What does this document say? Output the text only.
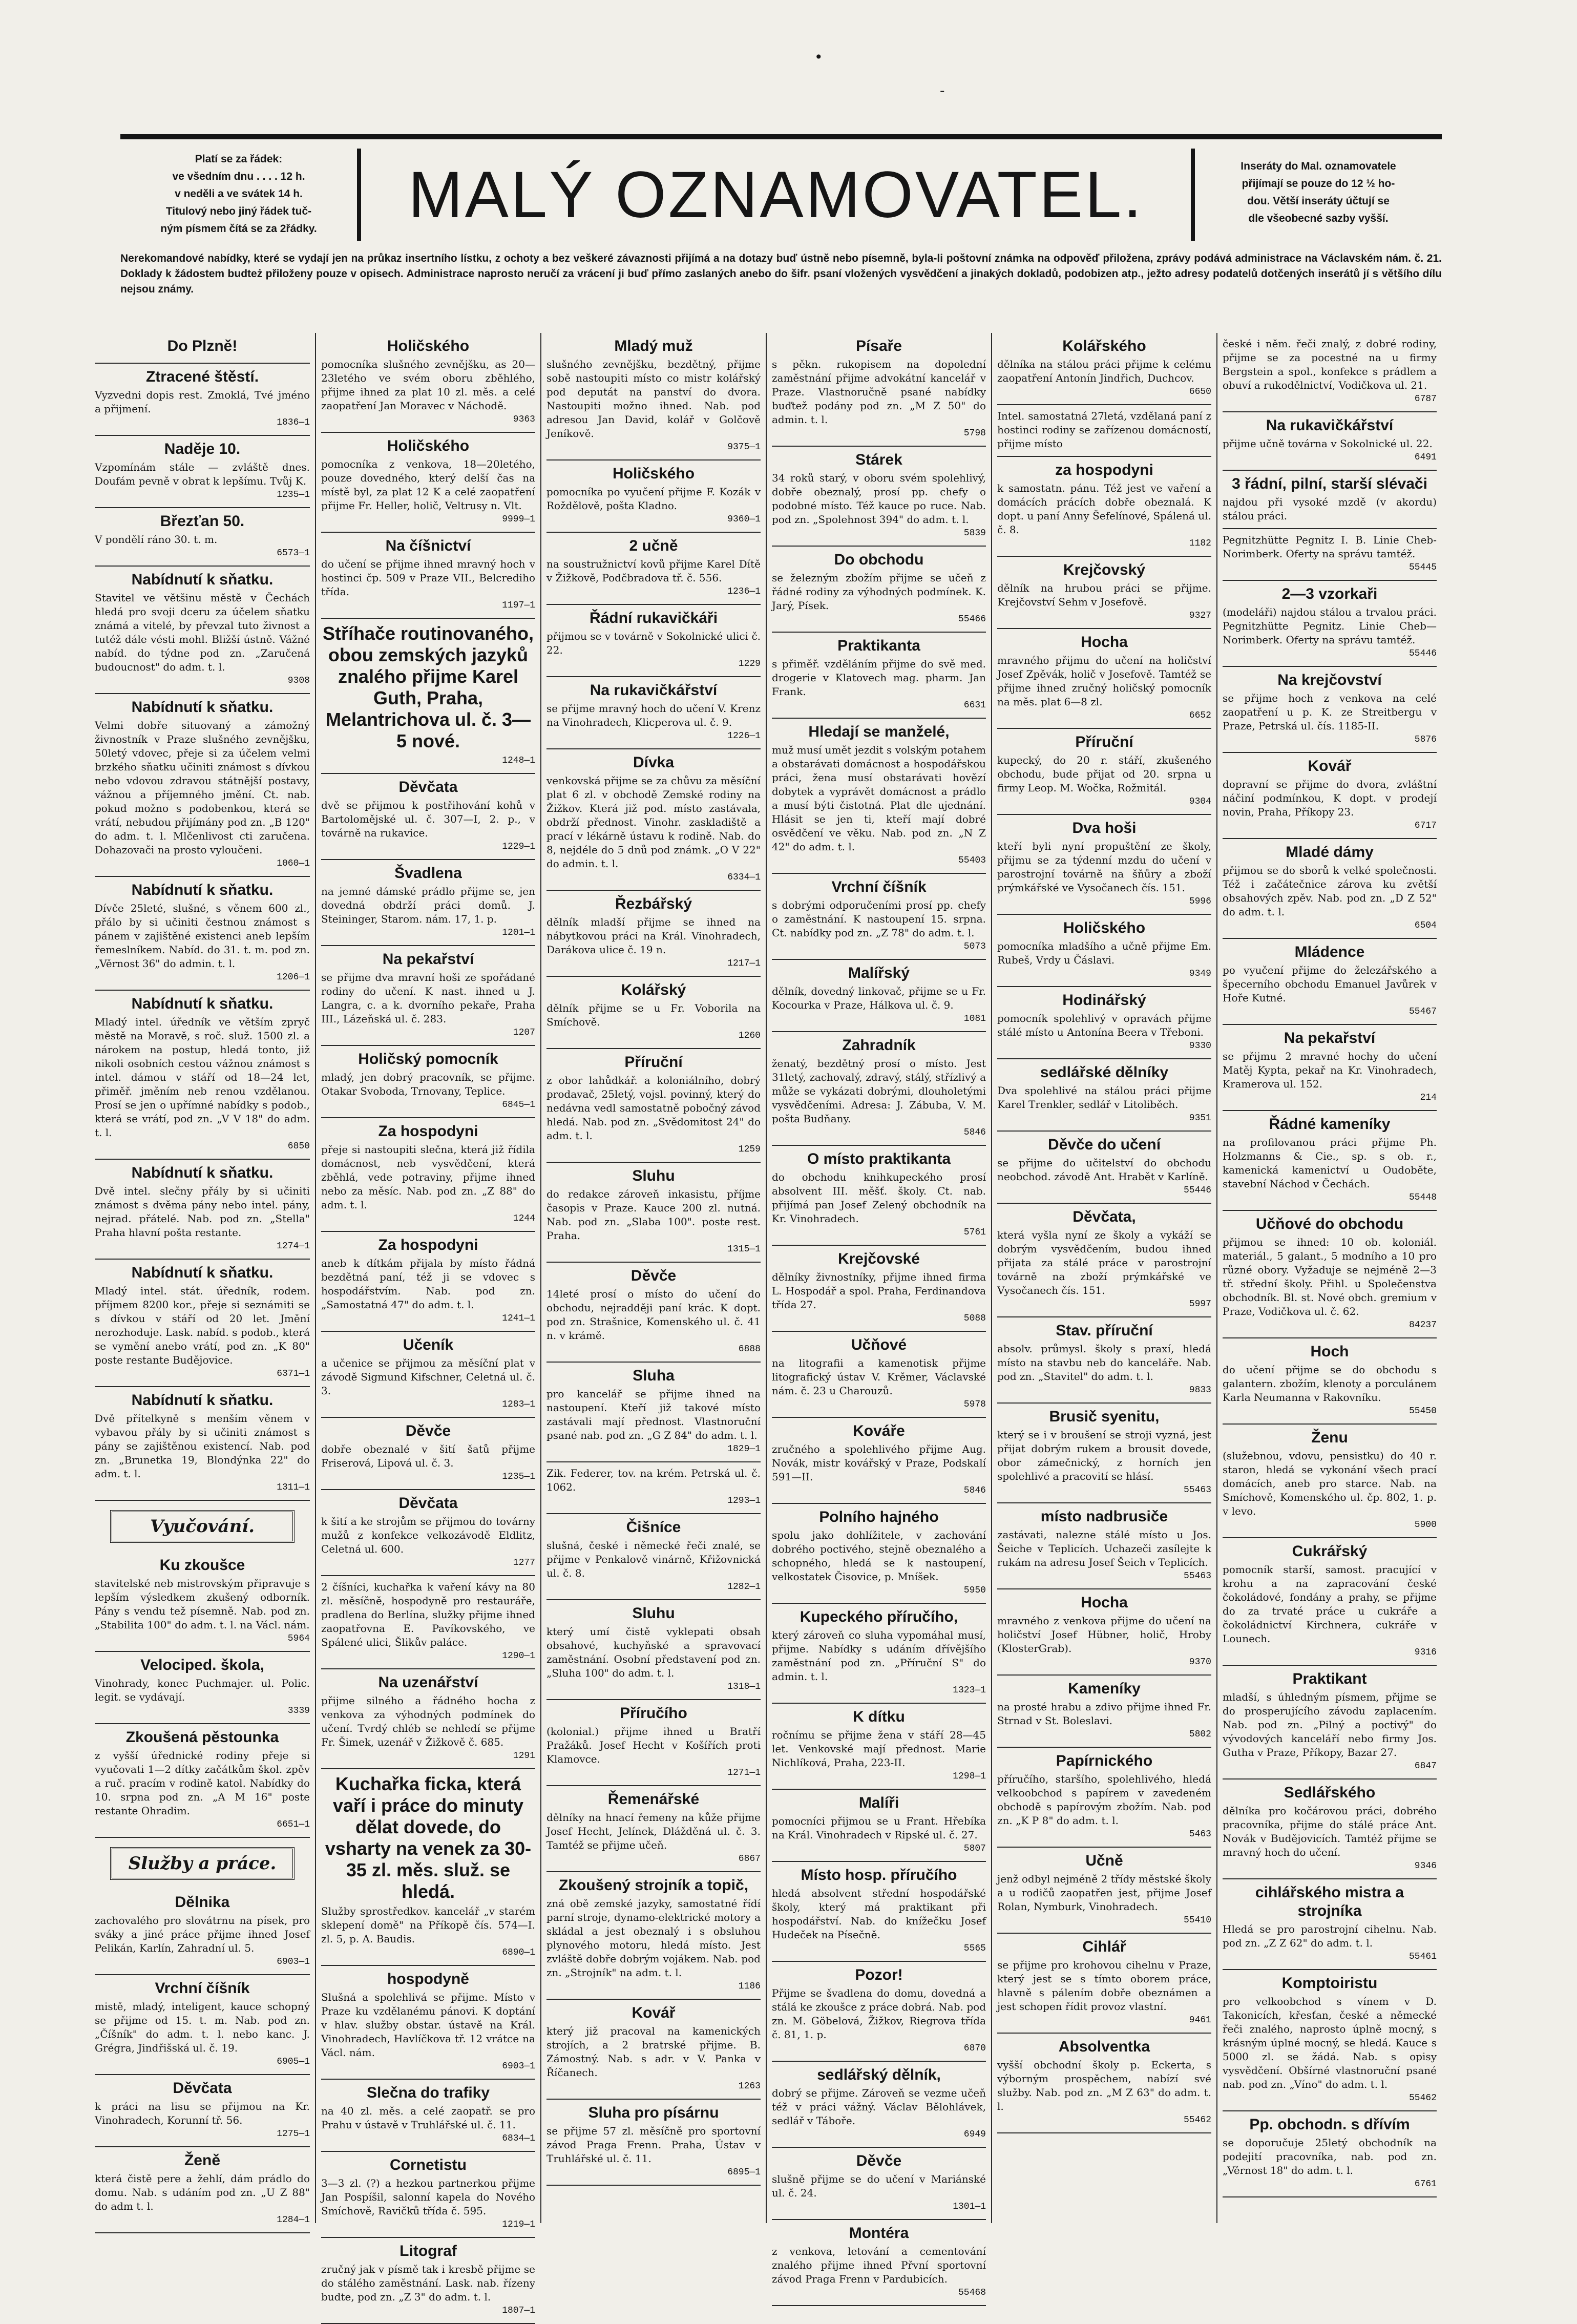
•
-
Platí se za řádek:
ve všedním dnu . . . . 12 h.
v neděli a ve svátek 14 h.
Titulový nebo jiný řádek tuč-
ným písmem čítá se za 2řádky.	MALÝ OZNAMOVATEL.	Inseráty do Mal. oznamovatele
přijímají se pouze do 12 ½ ho-
dou. Větší inseráty účtují se
dle všeobecné sazby vyšší.
Nerekomandové nabídky, které se vydají jen na průkaz insertního lístku, z ochoty a bez veškeré závaznosti přijímá a na dotazy buď ústně nebo písemně, byla-li poštovní známka na odpověď přiložena, zprávy podává administrace na Václavském nám. č. 21. Doklady k žádostem budteż přiloženy pouze v opisech. Administrace naprosto neručí za vrácení ji buď přímo zaslaných anebo do šifr. psaní vložených vysvědčení a jinakých dokladů, podobizen atp., ježto adresy podatelů dotčených inserátů jí s většího dílu nejsou známy.
Do Plzně!
Ztracené štěstí.
Vyzvedni dopis rest. Zmoklá, Tvé jméno a přijmení.
1836—1
Naděje 10.
Vzpomínám stále — zvláště dnes. Doufám pevně v obrat k lepšímu. Tvůj K.
1235—1
Březťan 50.
V pondělí ráno 30. t. m.
6573—1
Nabídnutí k sňatku.
Stavitel ve většinu městě v Čechách hledá pro svoji dceru za účelem sňatku známá a vitelé, by převzal tuto živnost a tutéž dále vésti mohl. Bližší ústně. Vážné nabíd. do týdne pod zn. „Zaručená budoucnost" do adm. t. l.
9308
Nabídnutí k sňatku.
Velmi dobře situovaný a zámožný živnostník v Praze slušného zevnějšku, 50letý vdovec, přeje si za účelem velmi brzkého sňatku učiniti známost s dívkou nebo vdovou zdravou státnější postavy, vážnou a příjemného jmění. Ct. nab. pokud možno s podobenkou, která se vrátí, nebudou přijímány pod zn. „B 120" do adm. t. l. Mlčenlivost cti zaručena. Dohazovači na prosto vyloučeni.
1060—1
Nabídnutí k sňatku.
Dívče 25leté, slušné, s věnem 600 zl., přálo by si učiniti čestnou známost s pánem v zajištěné existenci aneb lepším řemeslníkem. Nabíd. do 31. t. m. pod zn. „Věrnost 36" do admin. t. l.
1206—1
Nabídnutí k sňatku.
Mladý intel. úředník ve větším zpryč městě na Moravě, s roč. služ. 1500 zl. a nárokem na postup, hledá tonto, již nikoli osobních cestou vážnou známost s intel. dámou v stáří od 18—24 let, přiměř. jměním neb renou vzdělanou. Prosí se jen o upřímné nabídky s podob., která se vrátí, pod zn. „V V 18" do adm. t. l.
6850
Nabídnutí k sňatku.
Dvě intel. slečny přály by si učiniti známost s dvěma pány nebo intel. pány, nejrad. přátelé. Nab. pod zn. „Stella" Praha hlavní pošta restante.
1274—1
Nabídnutí k sňatku.
Mladý intel. stát. úředník, rodem. příjmem 8200 kor., přeje si seznámiti se s dívkou v stáří od 20 let. Jmění nerozhoduje. Lask. nabíd. s podob., která se vymění anebo vrátí, pod zn. „K 80" poste restante Budějovice.
6371—1
Nabídnutí k sňatku.
Dvě přítelkyně s menším věnem v vybavou přály by si učiniti známost s pány se zajištěnou existencí. Nab. pod zn. „Brunetka 19, Blondýnka 22" do adm. t. l.
1311—1
Vyučování.
Ku zkoušce
stavitelské neb mistrovským připravuje s lepším výsledkem zkušený odborník. Pány s vendu tež písemně. Nab. pod zn. „Stabilita 100" do adm. t. l. na Václ. nám.
5964
Velociped. škola,
Vinohrady, konec Puchmajer. ul. Polic. legit. se vydávají.
3339
Zkoušená pěstounka
z vyšší úřednické rodiny přeje si vyučovati 1—2 dítky začátkům škol. zpěv a ruč. pracím v rodině katol. Nabídky do 10. srpna pod zn. „A M 16" poste restante Ohradim.
6651—1
Služby a práce.
Dělnika
zachovalého pro slovátrnu na písek, pro sváky a jiné práce přijme ihned Josef Pelikán, Karlín, Zahradní ul. 5.
6903—1
Vrchní číšník
mistě, mladý, inteligent, kauce schopný se přijme od 15. t. m. Nab. pod zn. „Číšník" do adm. t. l. nebo kanc. J. Grégra, Jindřišská ul. č. 19.
6905—1
Děvčata
k práci na lisu se přijmou na Kr. Vinohradech, Korunní tř. 56.
1275—1
Ženě
která čistě pere a žehlí, dám prádlo do domu. Nab. s udáním pod zn. „U Z 88" do adm t. l.
1284—1
Holičského
pomocníka slušného zevnějšku, as 20—23letého ve svém oboru zběhlého, přijme ihned za plat 10 zl. měs. a celé zaopatření Jan Moravec v Náchodě.
9363
Holičského
pomocníka z venkova, 18—20letého, pouze dovedného, který delší čas na místě byl, za plat 12 K a celé zaopatření přijme Fr. Heller, holič, Veltrusy n. Vlt.
9999—1
Na číšnictví
do učení se přijme ihned mravný hoch v hostinci čp. 509 v Praze VII., Belcrediho třída.
1197—1
Stříhače routinovaného, obou zemských jazyků znalého přijme Karel Guth, Praha, Melantrichova ul. č. 3—5 nové.
1248—1
Děvčata
dvě se přijmou k postřihování kohů v Bartolomějské ul. č. 307—I, 2. p., v továrně na rukavice.
1229—1
Švadlena
na jemné dámské prádlo přijme se, jen dovedná obdrží práci domů. J. Steininger, Starom. nám. 17, 1. p.
1201—1
Na pekařství
se přijme dva mravní hoši ze spořádané rodiny do učení. K nast. ihned u J. Langra, c. a k. dvorního pekaře, Praha III., Lázeňská ul. č. 283.
1207
Holičský pomocník
mladý, jen dobrý pracovník, se přijme. Otakar Svoboda, Trnovany, Teplice.
6845—1
Za hospodyni
přeje si nastoupiti slečna, která již řídila domácnost, neb vysvědčení, která zběhlá, vede potraviny, přijme ihned nebo za měsíc. Nab. pod zn. „Z 88" do adm. t. l.
1244
Za hospodyni
aneb k dítkám přijala by místo řádná bezdětná paní, též ji se vdovec s hospodářstvím. Nab. pod zn. „Samostatná 47" do adm. t. l.
1241—1
Učeník
a učenice se přijmou za měsíční plat v závodě Sigmund Kifschner, Celetná ul. č. 3.
1283—1
Děvče
dobře obeznalé v šití šatů přijme Friserová, Lipová ul. č. 3.
1235—1
Děvčata
k šití a ke strojům se přijmou do továrny mužů z konfekce velkozávodě Eldlitz, Celetná ul. 600.
1277
2 číšníci, kuchařka k vaření kávy na 80 zl. měsíčně, hospodyně pro restauráře, pradlena do Berlína, služky přijme ihned zaopatřovna E. Pavíkovského, ve Spálené ulici, Šlikův paláce.
1290—1
Na uzenářství
přijme silného a řádného hocha z venkova za výhodných podmínek do učení. Tvrdý chléb se nehledí se přijme Fr. Šimek, uzenář v Žižkově č. 685.
1291
Kuchařka ficka, která vaří i práce do minuty dělat dovede, do vsharty na venek za 30-35 zl. měs. služ. se hledá.
Služby sprostředkov. kancelář „v starém sklepení domě" na Příkopě čís. 574—I. zl. 5, p. A. Baudis.
6890—1
hospodyně
Slušná a spolehlivá se přijme. Místo v Praze ku vzdělanému pánovi. K doptání v hlav. služby obstar. ústavě na Král. Vinohradech, Havlíčkova tř. 12 vrátce na Václ. nám.
6903—1
Slečna do trafiky
na 40 zl. měs. a celé zaopatř. se pro Prahu v ústavě v Truhlářské ul. č. 11.
6834—1
Cornetistu
3—3 zl. (?) a hezkou partnerkou přijme Jan Pospíšil, salonní kapela do Nového Smíchově, Ravičků třída č. 595.
1219—1
Litograf
zručný jak v písmě tak i kresbě přijme se do stálého zaměstnání. Lask. nab. řízeny budte, pod zn. „Z 3" do adm. t. l.
1807—1
Mladý muž
slušného zevnějšku, bezdětný, přijme sobě nastoupiti místo co mistr kolářský pod deputát na panství do dvora. Nastoupiti možno ihned. Nab. pod adresou Jan David, kolář v Golčově Jeníkově.
9375—1
Holičského
pomocníka po vyučení přijme F. Kozák v Roždělově, pošta Kladno.
9360—1
2 učně
na soustružnictví kovů přijme Karel Dítě v Žižkově, Podčbradova tř. č. 556.
1236—1
Řádní rukavičkáři
přijmou se v továrně v Sokolnické ulici č. 22.
1229
Na rukavičkářství
se přijme mravný hoch do učení V. Krenz na Vinohradech, Klicperova ul. č. 9.
1226—1
Dívka
venkovská přijme se za chůvu za měsíční plat 6 zl. v obchodě Zemské rodiny na Žižkov. Která již pod. místo zastávala, obdrží přednost. Vinohr. zaskladiště a prací v lékárně ústavu k rodině. Nab. do 8, nejdéle do 5 dnů pod známk. „O V 22" do admin. t. l.
6334—1
Řezbářský
dělník mladší přijme se ihned na nábytkovou práci na Král. Vinohradech, Darákova ulice č. 19 n.
1217—1
Kolářský
dělník přijme se u Fr. Voborila na Smíchově.
1260
Příruční
z obor lahůdkář. a koloniálního, dobrý prodavač, 25letý, vojsl. povinný, který do nedávna vedl samostatně pobočný závod hledá. Nab. pod zn. „Svědomitost 24" do adm. t. l.
1259
Sluhu
do redakce zároveň inkasistu, příjme časopis v Praze. Kauce 200 zl. nutná. Nab. pod zn. „Slaba 100". poste rest. Praha.
1315—1
Děvče
14leté prosí o místo do učení do obchodu, nejradději paní krác. K dopt. pod zn. Strašnice, Komenského ul. č. 41 n. v krámě.
6888
Sluha
pro kancelář se přijme ihned na nastoupení. Kteří již takové místo zastávali mají přednost. Vlastnoruční psané nab. pod zn. „G Z 84" do adm. t. l.
1829—1
Zik. Federer, tov. na krém. Petrská ul. č. 1062.
1293—1
Čišníce
slušná, české i německé řeči znalé, se přijme v Penkalově vinárně, Křižovnická ul. č. 8.
1282—1
Sluhu
který umí čistě vyklepati obsah obsahové, kuchyňské a spravovací zaměstnání. Osobní představení pod zn. „Sluha 100" do adm. t. l.
1318—1
Příručího
(kolonial.) přijme ihned u Bratří Pražáků. Josef Hecht v Košířích proti Klamovce.
1271—1
Řemenářské
dělníky na hnací řemeny na kůže přijme Josef Hecht, Jelínek, Dlážděná ul. č. 3. Tamtéž se přijme učeň.
6867
Zkoušený strojník a topič,
zná obě zemské jazyky, samostatné řídí parní stroje, dynamo-elektrické motory a skládal a jest obeznalý i s obsluhou plynového motoru, hledá místo. Jest zvláště dobře dobrým vojákem. Nab. pod zn. „Strojník" na adm. t. l.
1186
Kovář
který již pracoval na kamenických strojích, a 2 bratrské přijme. B. Zámostný. Nab. s adr. v V. Panka v Říčanech.
1263
Sluha pro písárnu
se přijme 57 zl. měsíčně pro sportovní závod Praga Frenn. Praha, Ústav v Truhlářské ul. č. 11.
6895—1
Písaře
s pěkn. rukopisem na dopolední zaměstnání přijme advokátní kancelář v Praze. Vlastnoručně psané nabídky buďtež podány pod zn. „M Z 50" do admin. t. l.
5798
Stárek
34 roků starý, v oboru svém spolehlivý, dobře obeznalý, prosí pp. chefy o podobné místo. Též kauce po ruce. Nab. pod zn. „Spolehnost 394" do adm. t. l.
5839
Do obchodu
se železným zbožím přijme se učeň z řádné rodiny za výhodných podmínek. K. Jarý, Písek.
55466
Praktikanta
s přiměř. vzděláním přijme do svě med. drogerie v Klatovech mag. pharm. Jan Frank.
6631
Hledají se manželé,
muž musí umět jezdit s volským potahem a obstarávati domácnost a hospodářskou práci, žena musí obstarávati hovězí dobytek a vyprávět domácnost a prádlo a musí býti čistotná. Plat dle ujednání. Hlásit se jen ti, kteří mají dobré osvědčení ve věku. Nab. pod zn. „N Z 42" do adm. t. l.
55403
Vrchní číšník
s dobrými odporučeními prosí pp. chefy o zaměstnání. K nastoupení 15. srpna. Ct. nabídky pod zn. „Z 78" do adm. t. l.
5073
Malířský
dělník, dovedný linkovač, přijme se u Fr. Kocourka v Praze, Hálkova ul. č. 9.
1081
Zahradník
ženatý, bezdětný prosí o místo. Jest 31letý, zachovalý, zdravý, stálý, střízlivý a může se vykázati dobrými, dlouholetými vysvědčeními. Adresa: J. Zábuba, V. M. pošta Budňany.
5846
O místo praktikanta
do obchodu knihkupeckého prosí absolvent III. měšť. školy. Ct. nab. přijímá pan Josef Zelený obchodník na Kr. Vinohradech.
5761
Krejčovské
dělníky živnostníky, přijme ihned firma L. Hospodář a spol. Praha, Ferdinandova třída 27.
5088
Učňové
na litografii a kamenotisk přijme litografický ústav V. Krěmer, Václavské nám. č. 23 u Charouzů.
5978
Kováře
zručného a spolehlivého přijme Aug. Novák, mistr kovářský v Praze, Podskalí 591—II.
5846
Polního hajného
spolu jako dohlížitele, v zachování dobrého poctivého, stejně obeznalého a schopného, hledá se k nastoupení, velkostatek Čisovice, p. Mníšek.
5950
Kupeckého příručího,
který zároveň co sluha vypomáhal musí, přijme. Nabídky s udáním dřívějšího zaměstnání pod zn. „Příruční S" do admin. t. l.
1323—1
K dítku
ročnímu se přijme žena v stáří 28—45 let. Venkovské mají přednost. Marie Nichlíková, Praha, 223-II.
1298—1
Malíři
pomocníci přijmou se u Frant. Hřebíka na Král. Vinohradech v Ripské ul. č. 27.
5807
Místo hosp. příručího
hledá absolvent střední hospodářské školy, který má praktikant při hospodářství. Nab. do knížečku Josef Hudeček na Písečně.
5565
Pozor!
Přijme se švadlena do domu, dovedná a stálá ke zkoušce z práce dobrá. Nab. pod zn. M. Göbelová, Žižkov, Riegrova třída č. 81, 1. p.
6870
sedlářský dělník,
dobrý se přijme. Zároveň se vezme učeň též v práci vážný. Václav Bělohlávek, sedlář v Táboře.
6949
Děvče
slušně přijme se do učení v Mariánské ul. č. 24.
1301—1
Montéra
z venkova, letování a cementování znalého přijme ihned Přvní sportovní závod Praga Frenn v Pardubicích.
55468
Kolářského
dělníka na stálou práci přijme k celému zaopatření Antonín Jindřich, Duchcov.
6650
Intel. samostatná 27letá, vzdělaná paní z hostinci rodiny se zařízenou domácností, přijme místo
za hospodyni
k samostatn. pánu. Též jest ve vaření a domácích prácích dobře obeznalá. K dopt. u paní Anny Šefelínové, Spálená ul. č. 8.
1182
Krejčovský
dělník na hrubou práci se přijme. Krejčovství Sehm v Josefově.
9327
Hocha
mravného přijmu do učení na holičství Josef Zpěvák, holič v Josefově. Tamtéž se přijme ihned zručný holičský pomocník na měs. plat 6—8 zl.
6652
Příruční
kupecký, do 20 r. stáří, zkušeného obchodu, bude přijat od 20. srpna u firmy Leop. M. Wočka, Rožmitál.
9304
Dva hoši
kteří byli nyní propuštění ze školy, přijmu se za týdenní mzdu do učení v parostrojní továrně na šňůry a zboží prýmkářské ve Vysočanech čís. 151.
5996
Holičského
pomocníka mladšího a učně přijme Em. Rubeš, Vrdy u Čáslavi.
9349
Hodinářský
pomocník spolehlivý v opravách přijme stálé místo u Antonína Beera v Třeboni.
9330
sedlářské dělníky
Dva spolehlivé na stálou práci přijme Karel Trenkler, sedlář v Litoliběch.
9351
Děvče do učení
se přijme do učitelství do obchodu neobchod. závodě Ant. Hrabět v Karlíně.
55446
Děvčata,
která vyšla nyní ze školy a vykáží se dobrým vysvědčením, budou ihned přijata za stálé práce v parostrojní továrně na zboží prýmkářské ve Vysočanech čís. 151.
5997
Stav. příruční
absolv. průmysl. školy s praxí, hledá místo na stavbu neb do kanceláře. Nab. pod zn. „Stavitel" do adm. t. l.
9833
Brusič syenitu,
který se i v broušení se stroji vyzná, jest přijat dobrým rukem a brousit dovede, obor zámečnický, z horních jen spolehlivé a pracovití se hlásí.
55463
místo nadbrusiče
zastávati, nalezne stálé místo u Jos. Šeiche v Teplicích. Uchazeči zasílejte k rukám na adresu Josef Šeich v Teplicích.
55463
Hocha
mravného z venkova přijme do učení na holičství Josef Hübner, holič, Hroby (KlosterGrab).
9370
Kameníky
na prosté hrabu a zdivo přijme ihned Fr. Strnad v St. Boleslavi.
5802
Papírnického
příručího, staršího, spolehlivého, hledá velkoobchod s papírem v zavedeném obchodě s papírovým zbožím. Nab. pod zn. „K P 8" do adm. t. l.
5463
Učně
jenž odbyl nejméně 2 třídy městské školy a u rodičů zaopatřen jest, přijme Josef Rolan, Nymburk, Vinohradech.
55410
Cihlář
se přijme pro krohovou cihelnu v Praze, který jest se s tímto oborem práce, hlavně s pálením dobře obeznámen a jest schopen řídit provoz vlastní.
9461
Absolventka
vyšší obchodní školy p. Eckerta, s výborným prospěchem, nabízí své služby. Nab. pod zn. „M Z 63" do adm. t. l.
55462
české i něm. řeči znalý, z dobré rodiny, přijme se za pocestné na u firmy Bergstein a spol., konfekce s prádlem a obuví a rukodělnictví, Vodičkova ul. 21.
6787
Na rukavičkářství
přijme učně továrna v Sokolnické ul. 22.
6491
3 řádní, pilní, starší slévači
najdou při vysoké mzdě (v akordu) stálou práci.
Pegnitzhütte Pegnitz I. B. Linie Cheb-Norimberk. Oferty na správu tamtéž.
55445
2—3 vzorkaři
(modeláři) najdou stálou a trvalou práci. Pegnitzhütte Pegnitz. Linie Cheb—Norimberk. Oferty na správu tamtéž.
55446
Na krejčovství
se přijme hoch z venkova na celé zaopatření u p. K. ze Streitbergu v Praze, Petrská ul. čís. 1185-II.
5876
Kovář
dopravní se přijme do dvora, zvláštní náčiní podmínkou, K dopt. v prodejí novin, Praha, Příkopy 23.
6717
Mladé dámy
přijmou se do sborů k velké společnosti. Též i začátečnice zárova ku zvětší obsahových zpěv. Nab. pod zn. „D Z 52" do adm. t. l.
6504
Mládence
po vyučení přijme do železářského a špecerního obchodu Emanuel Javůrek v Hoře Kutné.
55467
Na pekařství
se přijmu 2 mravné hochy do učení Matěj Kypta, pekař na Kr. Vinohradech, Kramerova ul. 152.
214
Řádné kameníky
na profilovanou práci přijme Ph. Holzmanns & Cie., sp. s ob. r., kamenická kamenictví u Oudoběte, stavební Náchod v Čechách.
55448
Učňové do obchodu
přijmou se ihned: 10 ob. koloniál. materiál., 5 galant., 5 modního a 10 pro různé obory. Vyžaduje se nejméně 2—3 tř. střední školy. Přihl. u Společenstva obchodník. Bl. st. Nové obch. gremium v Praze, Vodičkova ul. č. 62.
84237
Hoch
do učení přijme se do obchodu s galantern. zbožím, klenoty a porculánem Karla Neumanna v Rakovníku.
55450
Ženu
(služebnou, vdovu, pensistku) do 40 r. staron, hledá se vykonání všech prací domácích, aneb pro starce. Nab. na Smíchově, Komenského ul. čp. 802, 1. p. v levo.
5900
Cukrářský
pomocník starší, samost. pracující v krohu a na zapracování české čokoládové, fondány a prahy, se přijme do za trvaté práce u cukráře a čokoládnictví Kirchnera, cukráře v Lounech.
9316
Praktikant
mladší, s úhledným písmem, přijme se do prosperujícího závodu zaplacením. Nab. pod zn. „Pilný a poctivý" do vývodových kanceláří nebo firmy Jos. Gutha v Praze, Příkopy, Bazar 27.
6847
Sedlářského
dělníka pro kočárovou práci, dobrého pracovníka, přijme do stálé práce Ant. Novák v Budějovicích. Tamtéž přijme se mravný hoch do učení.
9346
cihlářského mistra a strojníka
Hledá se pro parostrojní cihelnu. Nab. pod zn. „Z Z 62" do adm. t. l.
55461
Komptoiristu
pro velkoobchod s vínem v D. Takonicích, křesťan, české a německé řeči znalého, naprosto úplně mocný, s krásným úplné mocný, se hledá. Kauce s 5000 zl. se žádá. Nab. s opisy vysvědčení. Obšírné vlastnoruční psané nab. pod zn. „Víno" do adm. t. l.
55462
Pp. obchodn. s dřívím
se doporučuje 25letý obchodník na podejití pracovníka, nab. pod zn. „Věrnost 18" do adm. t. l.
6761
